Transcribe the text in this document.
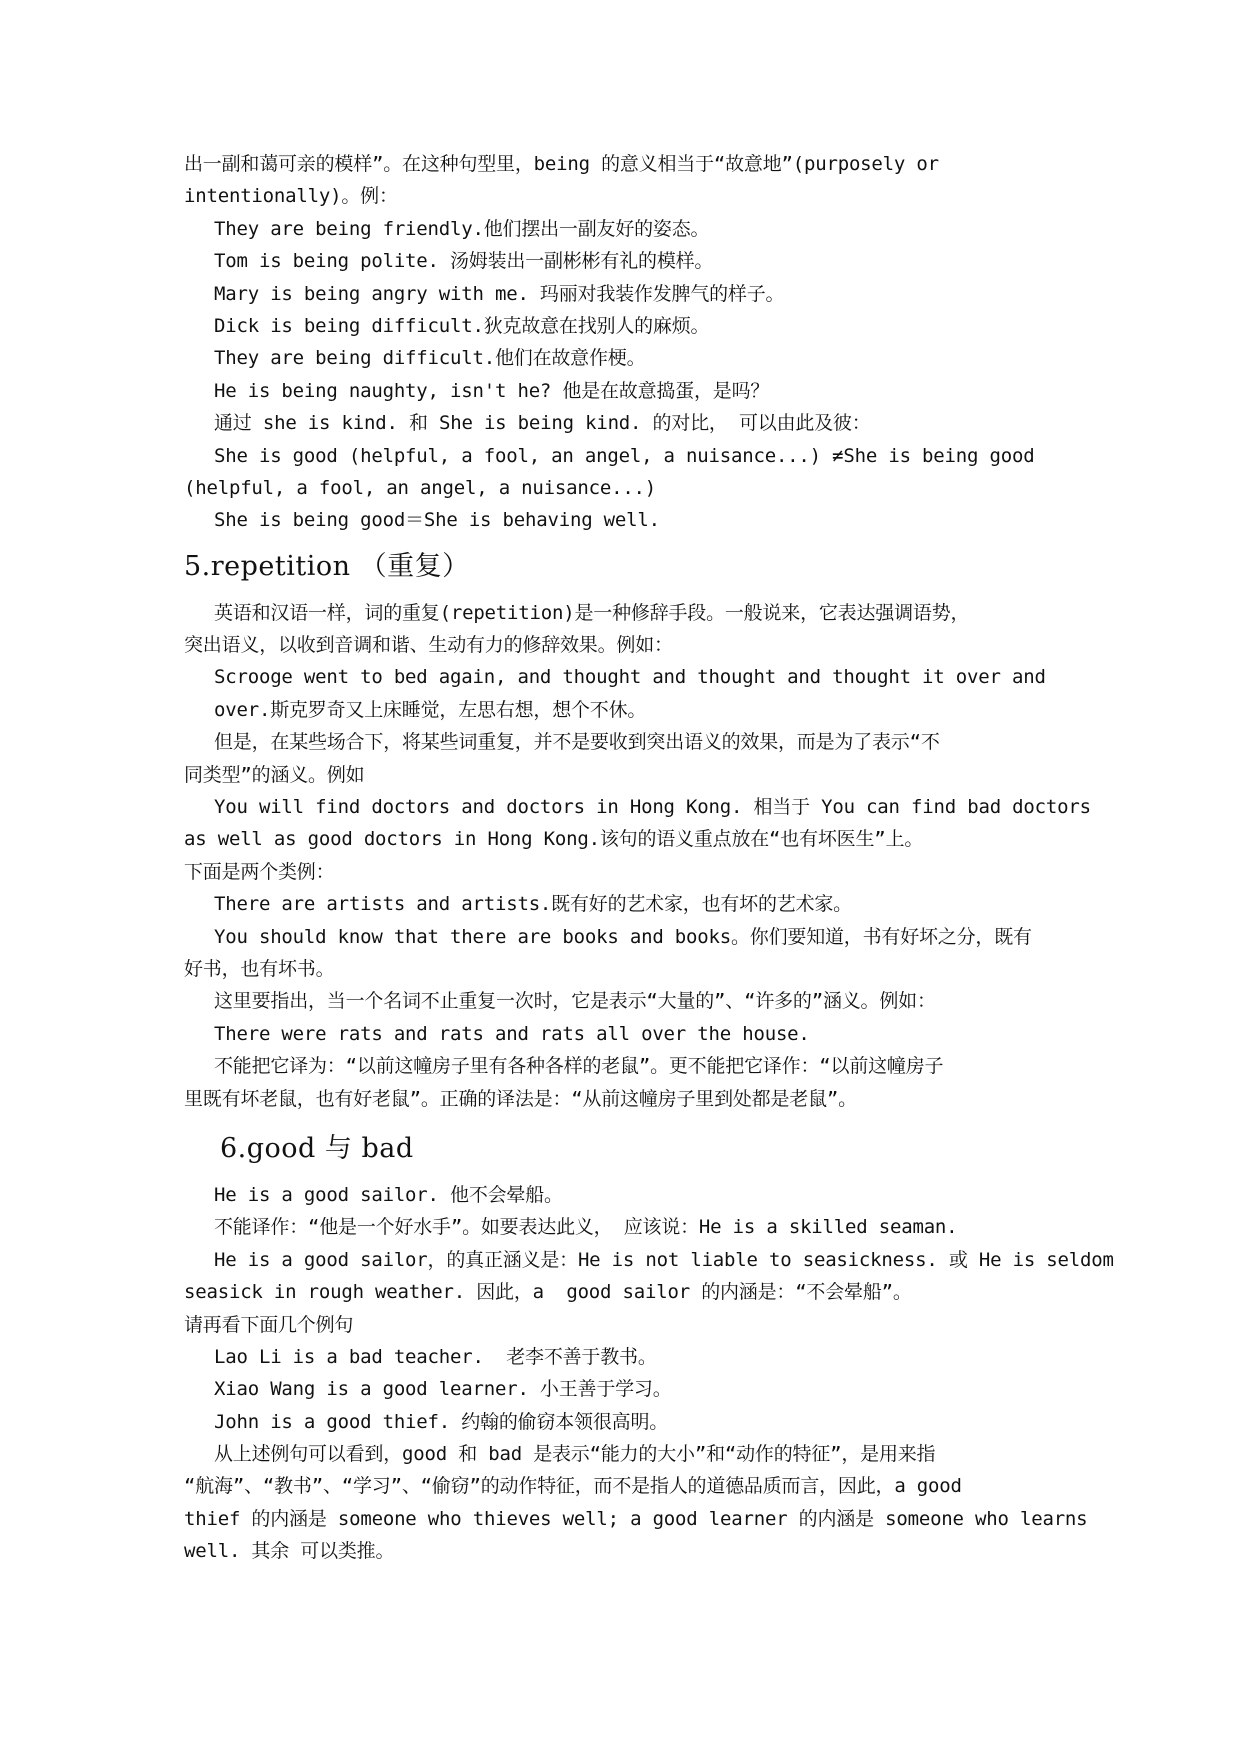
出一副和蔼可亲的模样”。在这种句型里，being 的意义相当于“故意地”(purposely or
intentionally)。例：
They are being friendly.他们摆出一副友好的姿态。
Tom is being polite. 汤姆装出一副彬彬有礼的模样。
Mary is being angry with me. 玛丽对我装作发脾气的样子。
Dick is being difficult.狄克故意在找别人的麻烦。
They are being difficult.他们在故意作梗。
He is being naughty, isn't he? 他是在故意捣蛋，是吗？
通过 she is kind. 和 She is being kind. 的对比， 可以由此及彼：
She is good (helpful, a fool, an angel, a nuisance...) ≠She is being good
(helpful, a fool, an angel, a nuisance...)
She is being good＝She is behaving well.
5.repetition （重复）
英语和汉语一样，词的重复(repetition)是一种修辞手段。一般说来，它表达强调语势，
突出语义，以收到音调和谐、生动有力的修辞效果。例如：
Scrooge went to bed again, and thought and thought and thought it over and
over.斯克罗奇又上床睡觉，左思右想，想个不休。
但是，在某些场合下，将某些词重复，并不是要收到突出语义的效果，而是为了表示“不
同类型”的涵义。例如
You will find doctors and doctors in Hong Kong. 相当于 You can find bad doctors
as well as good doctors in Hong Kong.该句的语义重点放在“也有坏医生”上。
下面是两个类例：
There are artists and artists.既有好的艺术家，也有坏的艺术家。
You should know that there are books and books。你们要知道，书有好坏之分，既有
好书，也有坏书。
这里要指出，当一个名词不止重复一次时，它是表示“大量的”、“许多的”涵义。例如：
There were rats and rats and rats all over the house.
不能把它译为：“以前这幢房子里有各种各样的老鼠”。更不能把它译作：“以前这幢房子
里既有坏老鼠，也有好老鼠”。正确的译法是：“从前这幢房子里到处都是老鼠”。
6.good 与 bad
He is a good sailor. 他不会晕船。
不能译作：“他是一个好水手”。如要表达此义， 应该说：He is a skilled seaman.
He is a good sailor，的真正涵义是：He is not liable to seasickness. 或 He is seldom
seasick in rough weather. 因此，a  good sailor 的内涵是：“不会晕船”。
请再看下面几个例句
Lao Li is a bad teacher.  老李不善于教书。
Xiao Wang is a good learner. 小王善于学习。
John is a good thief. 约翰的偷窃本领很高明。
从上述例句可以看到，good 和 bad 是表示“能力的大小”和“动作的特征”，是用来指
“航海”、“教书”、“学习”、“偷窃”的动作特征，而不是指人的道德品质而言，因此，a good
thief 的内涵是 someone who thieves well; a good learner 的内涵是 someone who learns
well. 其余 可以类推。
